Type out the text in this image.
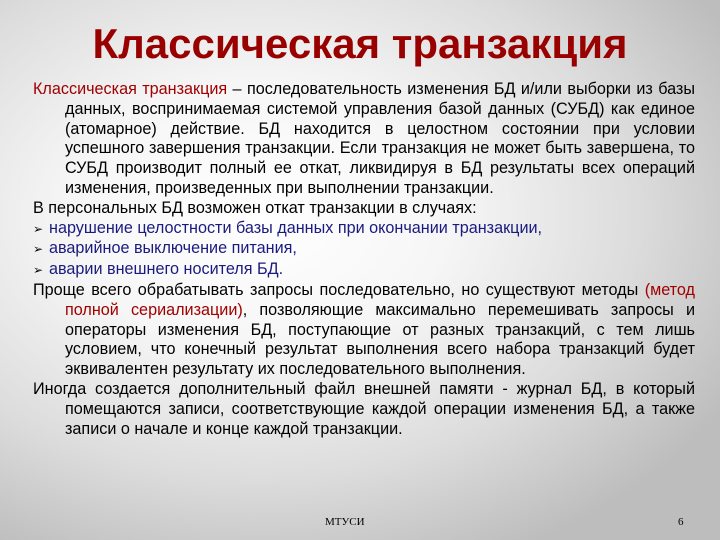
Классическая транзакция

Классическая транзакция – последовательность изменения БД и/или выборки из базы данных, воспринимаемая системой управления базой данных (СУБД) как единое (атомарное) действие. БД находится в целостном состоянии при условии успешного завершения транзакции. Если транзакция не может быть завершена, то СУБД производит полный ее откат, ликвидируя в БД результаты всех операций изменения, произведенных при выполнении транзакции.

В персональных БД возможен откат транзакции в случаях:

➢ нарушение целостности базы данных при окончании транзакции,

➢ аварийное выключение питания,

➢ аварии внешнего носителя БД.

Проще всего обрабатывать запросы последовательно, но существуют методы (метод полной сериализации), позволяющие максимально перемешивать запросы и операторы изменения БД, поступающие от разных транзакций, с тем лишь условием, что конечный результат выполнения всего набора транзакций будет эквивалентен результату их последовательного выполнения.

Иногда создается дополнительный файл внешней памяти - журнал БД, в который помещаются записи, соответствующие каждой операции изменения БД, а также записи о начале и конце каждой транзакции.

МТУСИ	6
